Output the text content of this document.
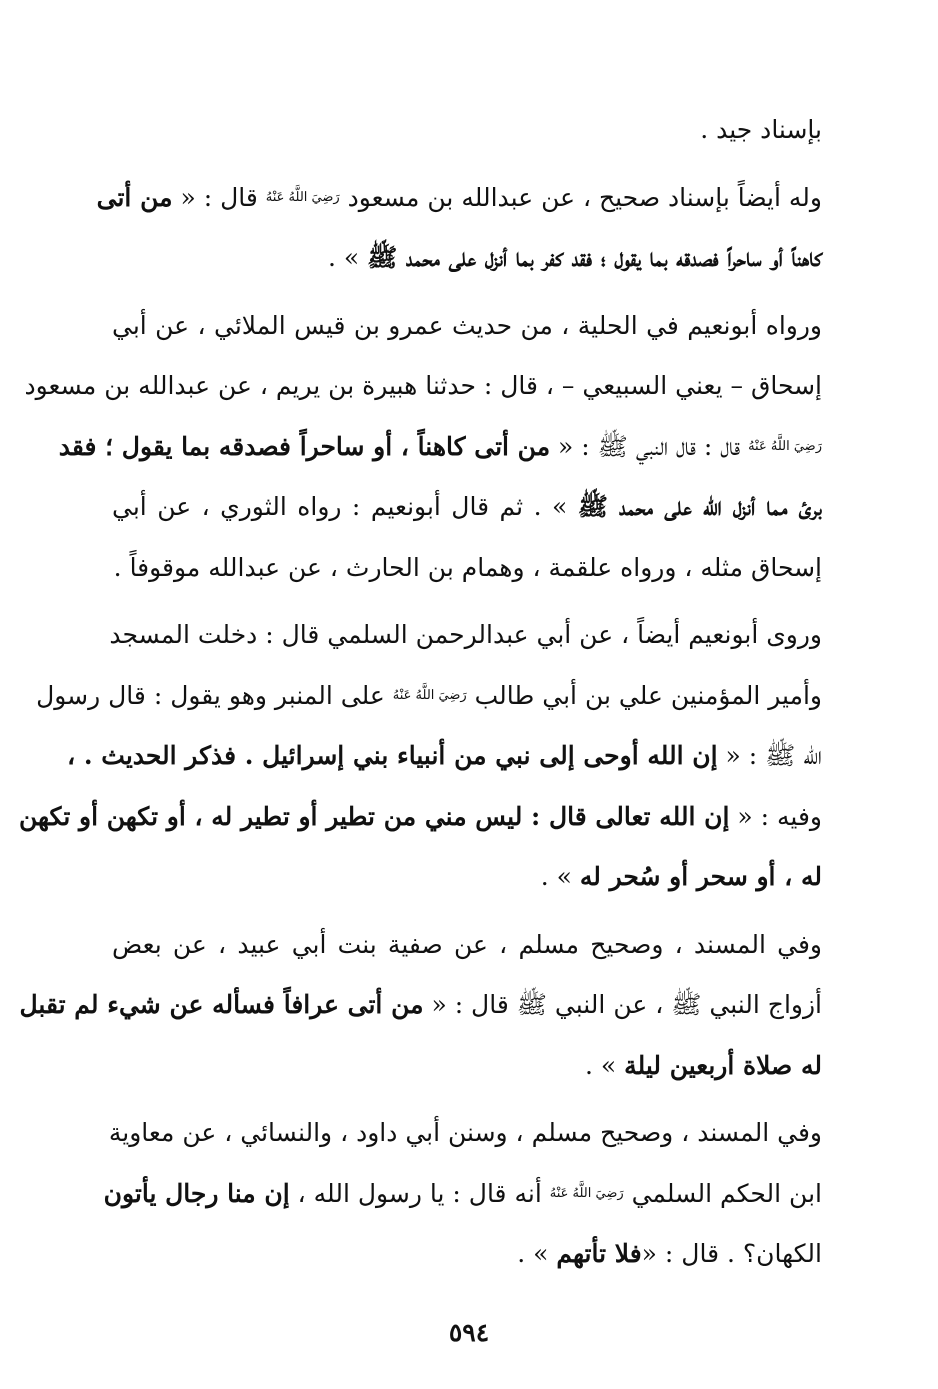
بإسناد جيد .
وله أيضاً بإسناد صحيح ، عن عبدالله بن مسعود $^{رَضِيَ اللَّهُ عَنْهُ}$ قال : « من أتى
كاهناً أو ساحراً فصدقه بما يقول ؛ فقد كفر بما أنزل على محمد ﷺ » .
ورواه أبونعيم في الحلية ، من حديث عمرو بن قيس الملائي ، عن أبي
إسحاق – يعني السبيعي – ، قال : حدثنا هبيرة بن يريم ، عن عبدالله بن مسعود
$^{رَضِيَ اللَّهُ عَنْهُ}$ قال : قال النبي ﷺ : « من أتى كاهناً ، أو ساحراً فصدقه بما يقول ؛ فقد
برئ مما أنزل الله على محمد ﷺ » . ثم قال أبونعيم : رواه الثوري ، عن أبي
إسحاق مثله ، ورواه علقمة ، وهمام بن الحارث ، عن عبدالله موقوفاً .
وروى أبونعيم أيضاً ، عن أبي عبدالرحمن السلمي قال : دخلت المسجد
وأمير المؤمنين علي بن أبي طالب $^{رَضِيَ اللَّهُ عَنْهُ}$ على المنبر وهو يقول : قال رسول
الله ﷺ : « إن الله أوحى إلى نبي من أنبياء بني إسرائيل . فذكر الحديث . ،
وفيه : « إن الله تعالى قال : ليس مني من تطير أو تطير له ، أو تكهن أو تكهن
له ، أو سحر أو سُحر له » .
وفي المسند ، وصحيح مسلم ، عن صفية بنت أبي عبيد ، عن بعض
أزواج النبي ﷺ ، عن النبي ﷺ قال : « من أتى عرافاً فسأله عن شيء لم تقبل
له صلاة أربعين ليلة » .
وفي المسند ، وصحيح مسلم ، وسنن أبي داود ، والنسائي ، عن معاوية
ابن الحكم السلمي $^{رَضِيَ اللَّهُ عَنْهُ}$ أنه قال : يا رسول الله ، إن منا رجال يأتون
الكهان؟ . قال : «فلا تأتهم » .
٥٩٤
